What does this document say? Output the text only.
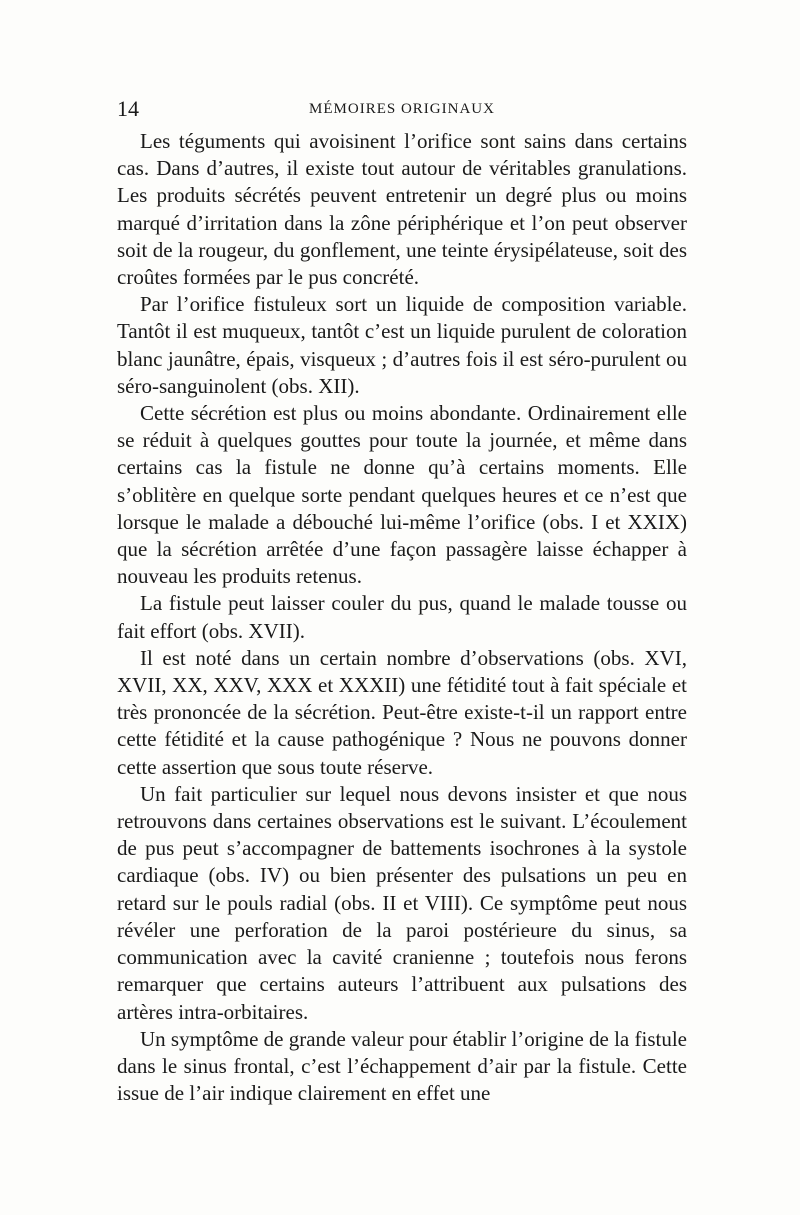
14	MÉMOIRES ORIGINAUX

Les téguments qui avoisinent l’orifice sont sains dans certains cas. Dans d’autres, il existe tout autour de véritables granulations. Les produits sécrétés peuvent entretenir un degré plus ou moins marqué d’irritation dans la zône périphérique et l’on peut observer soit de la rougeur, du gonflement, une teinte érysipélateuse, soit des croûtes formées par le pus concrété.

Par l’orifice fistuleux sort un liquide de composition variable. Tantôt il est muqueux, tantôt c’est un liquide purulent de coloration blanc jaunâtre, épais, visqueux ; d’autres fois il est séro-purulent ou séro-sanguinolent (obs. XII).

Cette sécrétion est plus ou moins abondante. Ordinairement elle se réduit à quelques gouttes pour toute la journée, et même dans certains cas la fistule ne donne qu’à certains moments. Elle s’oblitère en quelque sorte pendant quelques heures et ce n’est que lorsque le malade a débouché lui-même l’orifice (obs. I et XXIX) que la sécrétion arrêtée d’une façon passagère laisse échapper à nouveau les produits retenus.

La fistule peut laisser couler du pus, quand le malade tousse ou fait effort (obs. XVII).

Il est noté dans un certain nombre d’observations (obs. XVI, XVII, XX, XXV, XXX et XXXII) une fétidité tout à fait spéciale et très prononcée de la sécrétion. Peut-être existe-t-il un rapport entre cette fétidité et la cause pathogénique ? Nous ne pouvons donner cette assertion que sous toute réserve.

Un fait particulier sur lequel nous devons insister et que nous retrouvons dans certaines observations est le suivant. L’écoulement de pus peut s’accompagner de battements isochrones à la systole cardiaque (obs. IV) ou bien présenter des pulsations un peu en retard sur le pouls radial (obs. II et VIII). Ce symptôme peut nous révéler une perforation de la paroi postérieure du sinus, sa communication avec la cavité cranienne ; toutefois nous ferons remarquer que certains auteurs l’attribuent aux pulsations des artères intra-orbitaires.

Un symptôme de grande valeur pour établir l’origine de la fistule dans le sinus frontal, c’est l’échappement d’air par la fistule. Cette issue de l’air indique clairement en effet une
